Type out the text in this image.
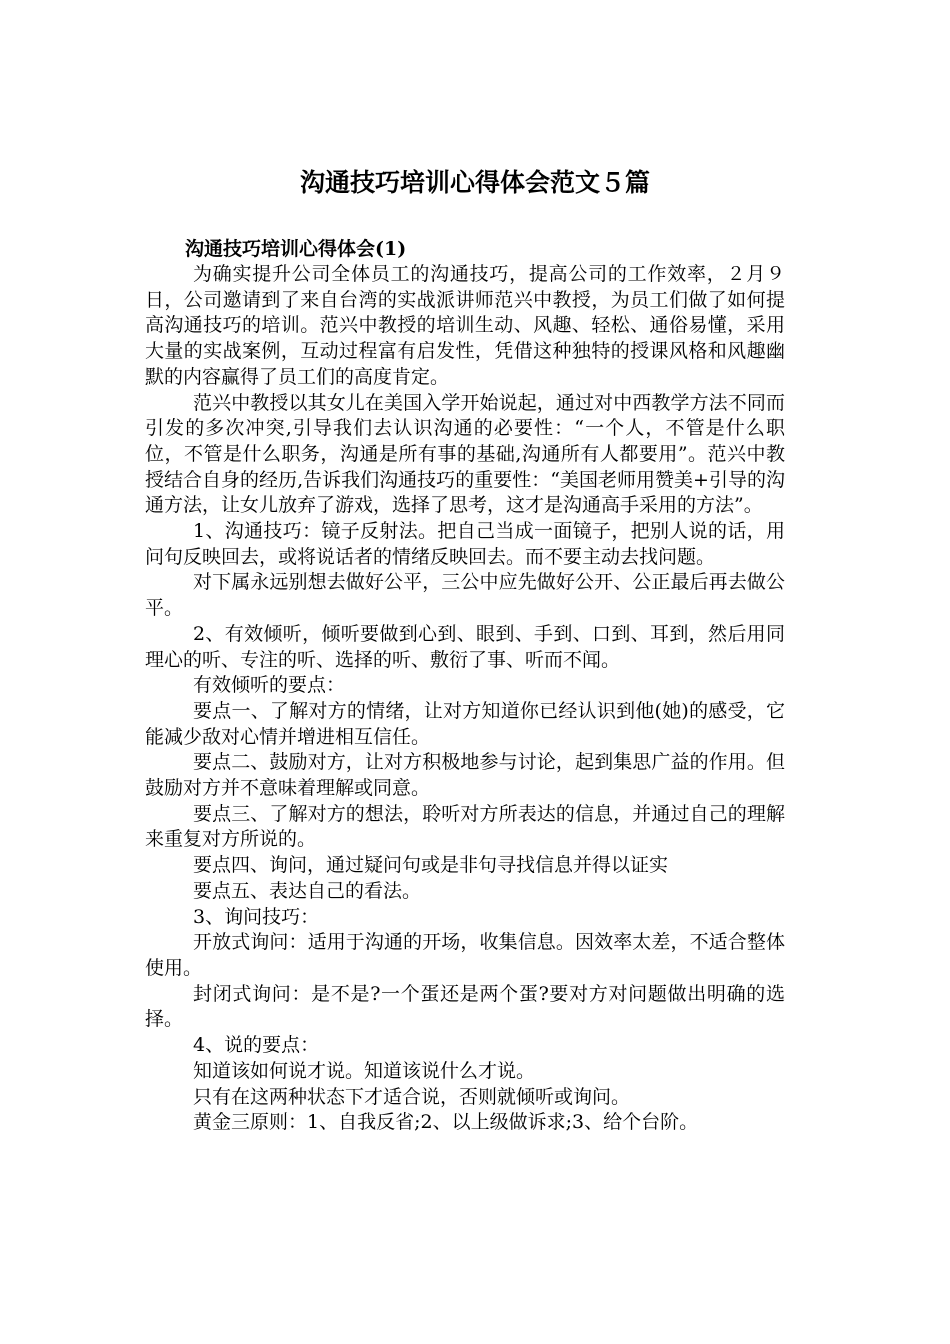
沟通技巧培训心得体会范文５篇

沟通技巧培训心得体会(1)

为确实提升公司全体员工的沟通技巧，提高公司的工作效率，２月９日，公司邀请到了来自台湾的实战派讲师范兴中教授，为员工们做了如何提高沟通技巧的培训。范兴中教授的培训生动、风趣、轻松、通俗易懂，采用大量的实战案例，互动过程富有启发性，凭借这种独特的授课风格和风趣幽默的内容赢得了员工们的高度肯定。

范兴中教授以其女儿在美国入学开始说起，通过对中西教学方法不同而引发的多次冲突,引导我们去认识沟通的必要性：“一个人，不管是什么职位，不管是什么职务，沟通是所有事的基础,沟通所有人都要用”。范兴中教授结合自身的经历,告诉我们沟通技巧的重要性：“美国老师用赞美+引导的沟通方法，让女儿放弃了游戏，选择了思考，这才是沟通高手采用的方法”。

1、沟通技巧：镜子反射法。把自己当成一面镜子，把别人说的话，用问句反映回去，或将说话者的情绪反映回去。而不要主动去找问题。

对下属永远别想去做好公平，三公中应先做好公开、公正最后再去做公平。

2、有效倾听，倾听要做到心到、眼到、手到、口到、耳到，然后用同理心的听、专注的听、选择的听、敷衍了事、听而不闻。

有效倾听的要点：

要点一、了解对方的情绪，让对方知道你已经认识到他(她)的感受，它能减少敌对心情并增进相互信任。

要点二、鼓励对方，让对方积极地参与讨论，起到集思广益的作用。但鼓励对方并不意味着理解或同意。

要点三、了解对方的想法，聆听对方所表达的信息，并通过自己的理解来重复对方所说的。

要点四、询问，通过疑问句或是非句寻找信息并得以证实

要点五、表达自己的看法。

3、询问技巧：

开放式询问：适用于沟通的开场，收集信息。因效率太差，不适合整体使用。

封闭式询问：是不是?一个蛋还是两个蛋?要对方对问题做出明确的选择。

4、说的要点：

知道该如何说才说。知道该说什么才说。

只有在这两种状态下才适合说，否则就倾听或询问。

黄金三原则：1、自我反省;2、以上级做诉求;3、给个台阶。
